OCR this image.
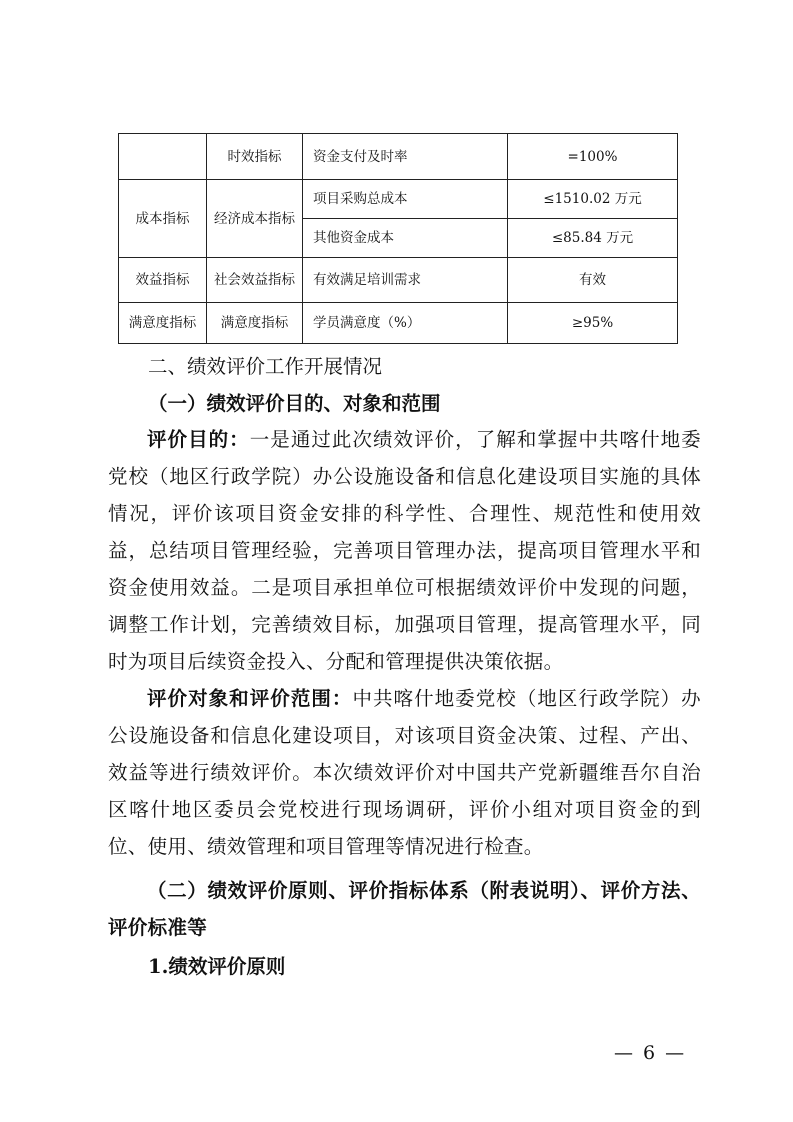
	时效指标	资金支付及时率	=100%
成本指标	经济成本指标	项目采购总成本	≤1510.02 万元
		其他资金成本	≤85.84 万元
效益指标	社会效益指标	有效满足培训需求	有效
满意度指标	满意度指标	学员满意度（%）	≥95%
二、绩效评价工作开展情况
（一）绩效评价目的、对象和范围
评价目的：一是通过此次绩效评价，了解和掌握中共喀什地委党校（地区行政学院）办公设施设备和信息化建设项目实施的具体情况，评价该项目资金安排的科学性、合理性、规范性和使用效益，总结项目管理经验，完善项目管理办法，提高项目管理水平和资金使用效益。二是项目承担单位可根据绩效评价中发现的问题，调整工作计划，完善绩效目标，加强项目管理，提高管理水平，同时为项目后续资金投入、分配和管理提供决策依据。
评价对象和评价范围：中共喀什地委党校（地区行政学院）办公设施设备和信息化建设项目，对该项目资金决策、过程、产出、效益等进行绩效评价。本次绩效评价对中国共产党新疆维吾尔自治区喀什地区委员会党校进行现场调研，评价小组对项目资金的到位、使用、绩效管理和项目管理等情况进行检查。
（二）绩效评价原则、评价指标体系（附表说明）、评价方法、评价标准等
1.绩效评价原则
— 6 —
